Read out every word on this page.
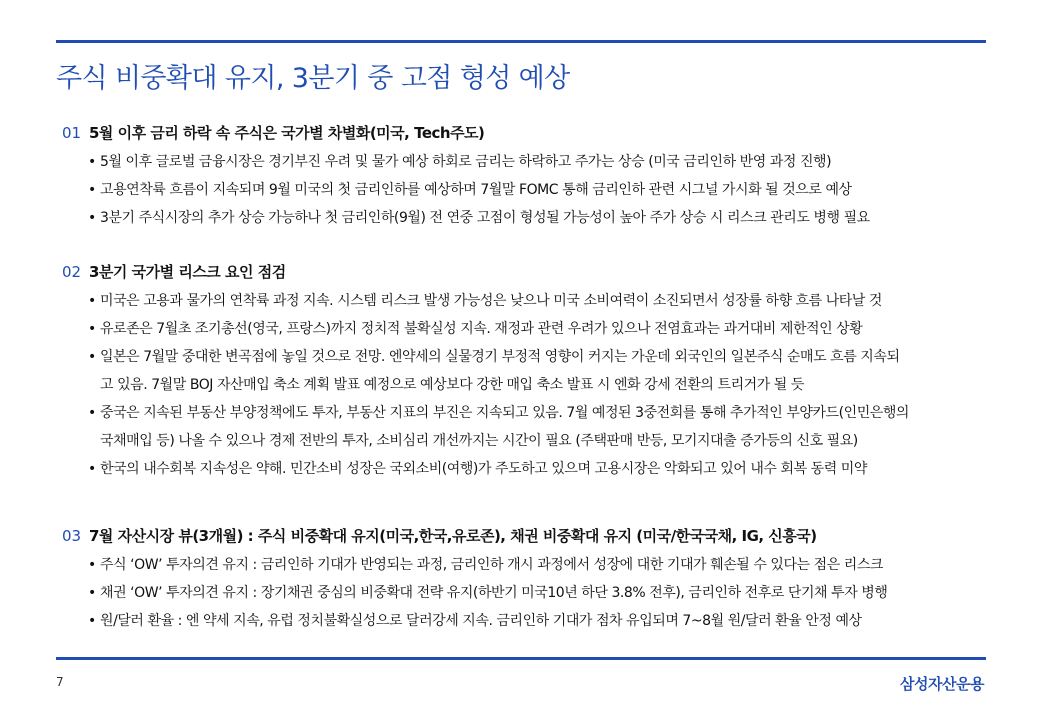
주식 비중확대 유지, 3분기 중 고점 형성 예상
01 5월 이후 금리 하락 속 주식은 국가별 차별화(미국, Tech주도)
• 5월 이후 글로벌 금융시장은 경기부진 우려 및 물가 예상 하회로 금리는 하락하고 주가는 상승 (미국 금리인하 반영 과정 진행)
• 고용연착륙 흐름이 지속되며 9월 미국의 첫 금리인하를 예상하며 7월말 FOMC 통해 금리인하 관련 시그널 가시화 될 것으로 예상
• 3분기 주식시장의 추가 상승 가능하나 첫 금리인하(9월) 전 연중 고점이 형성될 가능성이 높아 주가 상승 시 리스크 관리도 병행 필요
02 3분기 국가별 리스크 요인 점검
• 미국은 고용과 물가의 연착륙 과정 지속. 시스템 리스크 발생 가능성은 낮으나 미국 소비여력이 소진되면서 성장률 하향 흐름 나타날 것
• 유로존은 7월초 조기총선(영국, 프랑스)까지 정치적 불확실성 지속. 재정과 관련 우려가 있으나 전염효과는 과거대비 제한적인 상황
• 일본은 7월말 중대한 변곡점에 놓일 것으로 전망. 엔약세의 실물경기 부정적 영향이 커지는 가운데 외국인의 일본주식 순매도 흐름 지속되
고 있음. 7월말 BOJ 자산매입 축소 계획 발표 예정으로 예상보다 강한 매입 축소 발표 시 엔화 강세 전환의 트리거가 될 듯
• 중국은 지속된 부동산 부양정책에도 투자, 부동산 지표의 부진은 지속되고 있음. 7월 예정된 3중전회를 통해 추가적인 부양카드(인민은행의
국채매입 등) 나올 수 있으나 경제 전반의 투자, 소비심리 개선까지는 시간이 필요 (주택판매 반등, 모기지대출 증가등의 신호 필요)
• 한국의 내수회복 지속성은 약해. 민간소비 성장은 국외소비(여행)가 주도하고 있으며 고용시장은 악화되고 있어 내수 회복 동력 미약
03 7월 자산시장 뷰(3개월) : 주식 비중확대 유지(미국,한국,유로존), 채권 비중확대 유지 (미국/한국국채, IG, 신흥국)
• 주식 ‘OW’ 투자의견 유지 : 금리인하 기대가 반영되는 과정, 금리인하 개시 과정에서 성장에 대한 기대가 훼손될 수 있다는 점은 리스크
• 채권 ‘OW’ 투자의견 유지 : 장기채권 중심의 비중확대 전략 유지(하반기 미국10년 하단 3.8% 전후), 금리인하 전후로 단기채 투자 병행
• 원/달러 환율 : 엔 약세 지속, 유럽 정치불확실성으로 달러강세 지속. 금리인하 기대가 점차 유입되며 7~8월 원/달러 환율 안정 예상
7	삼성자산운용
